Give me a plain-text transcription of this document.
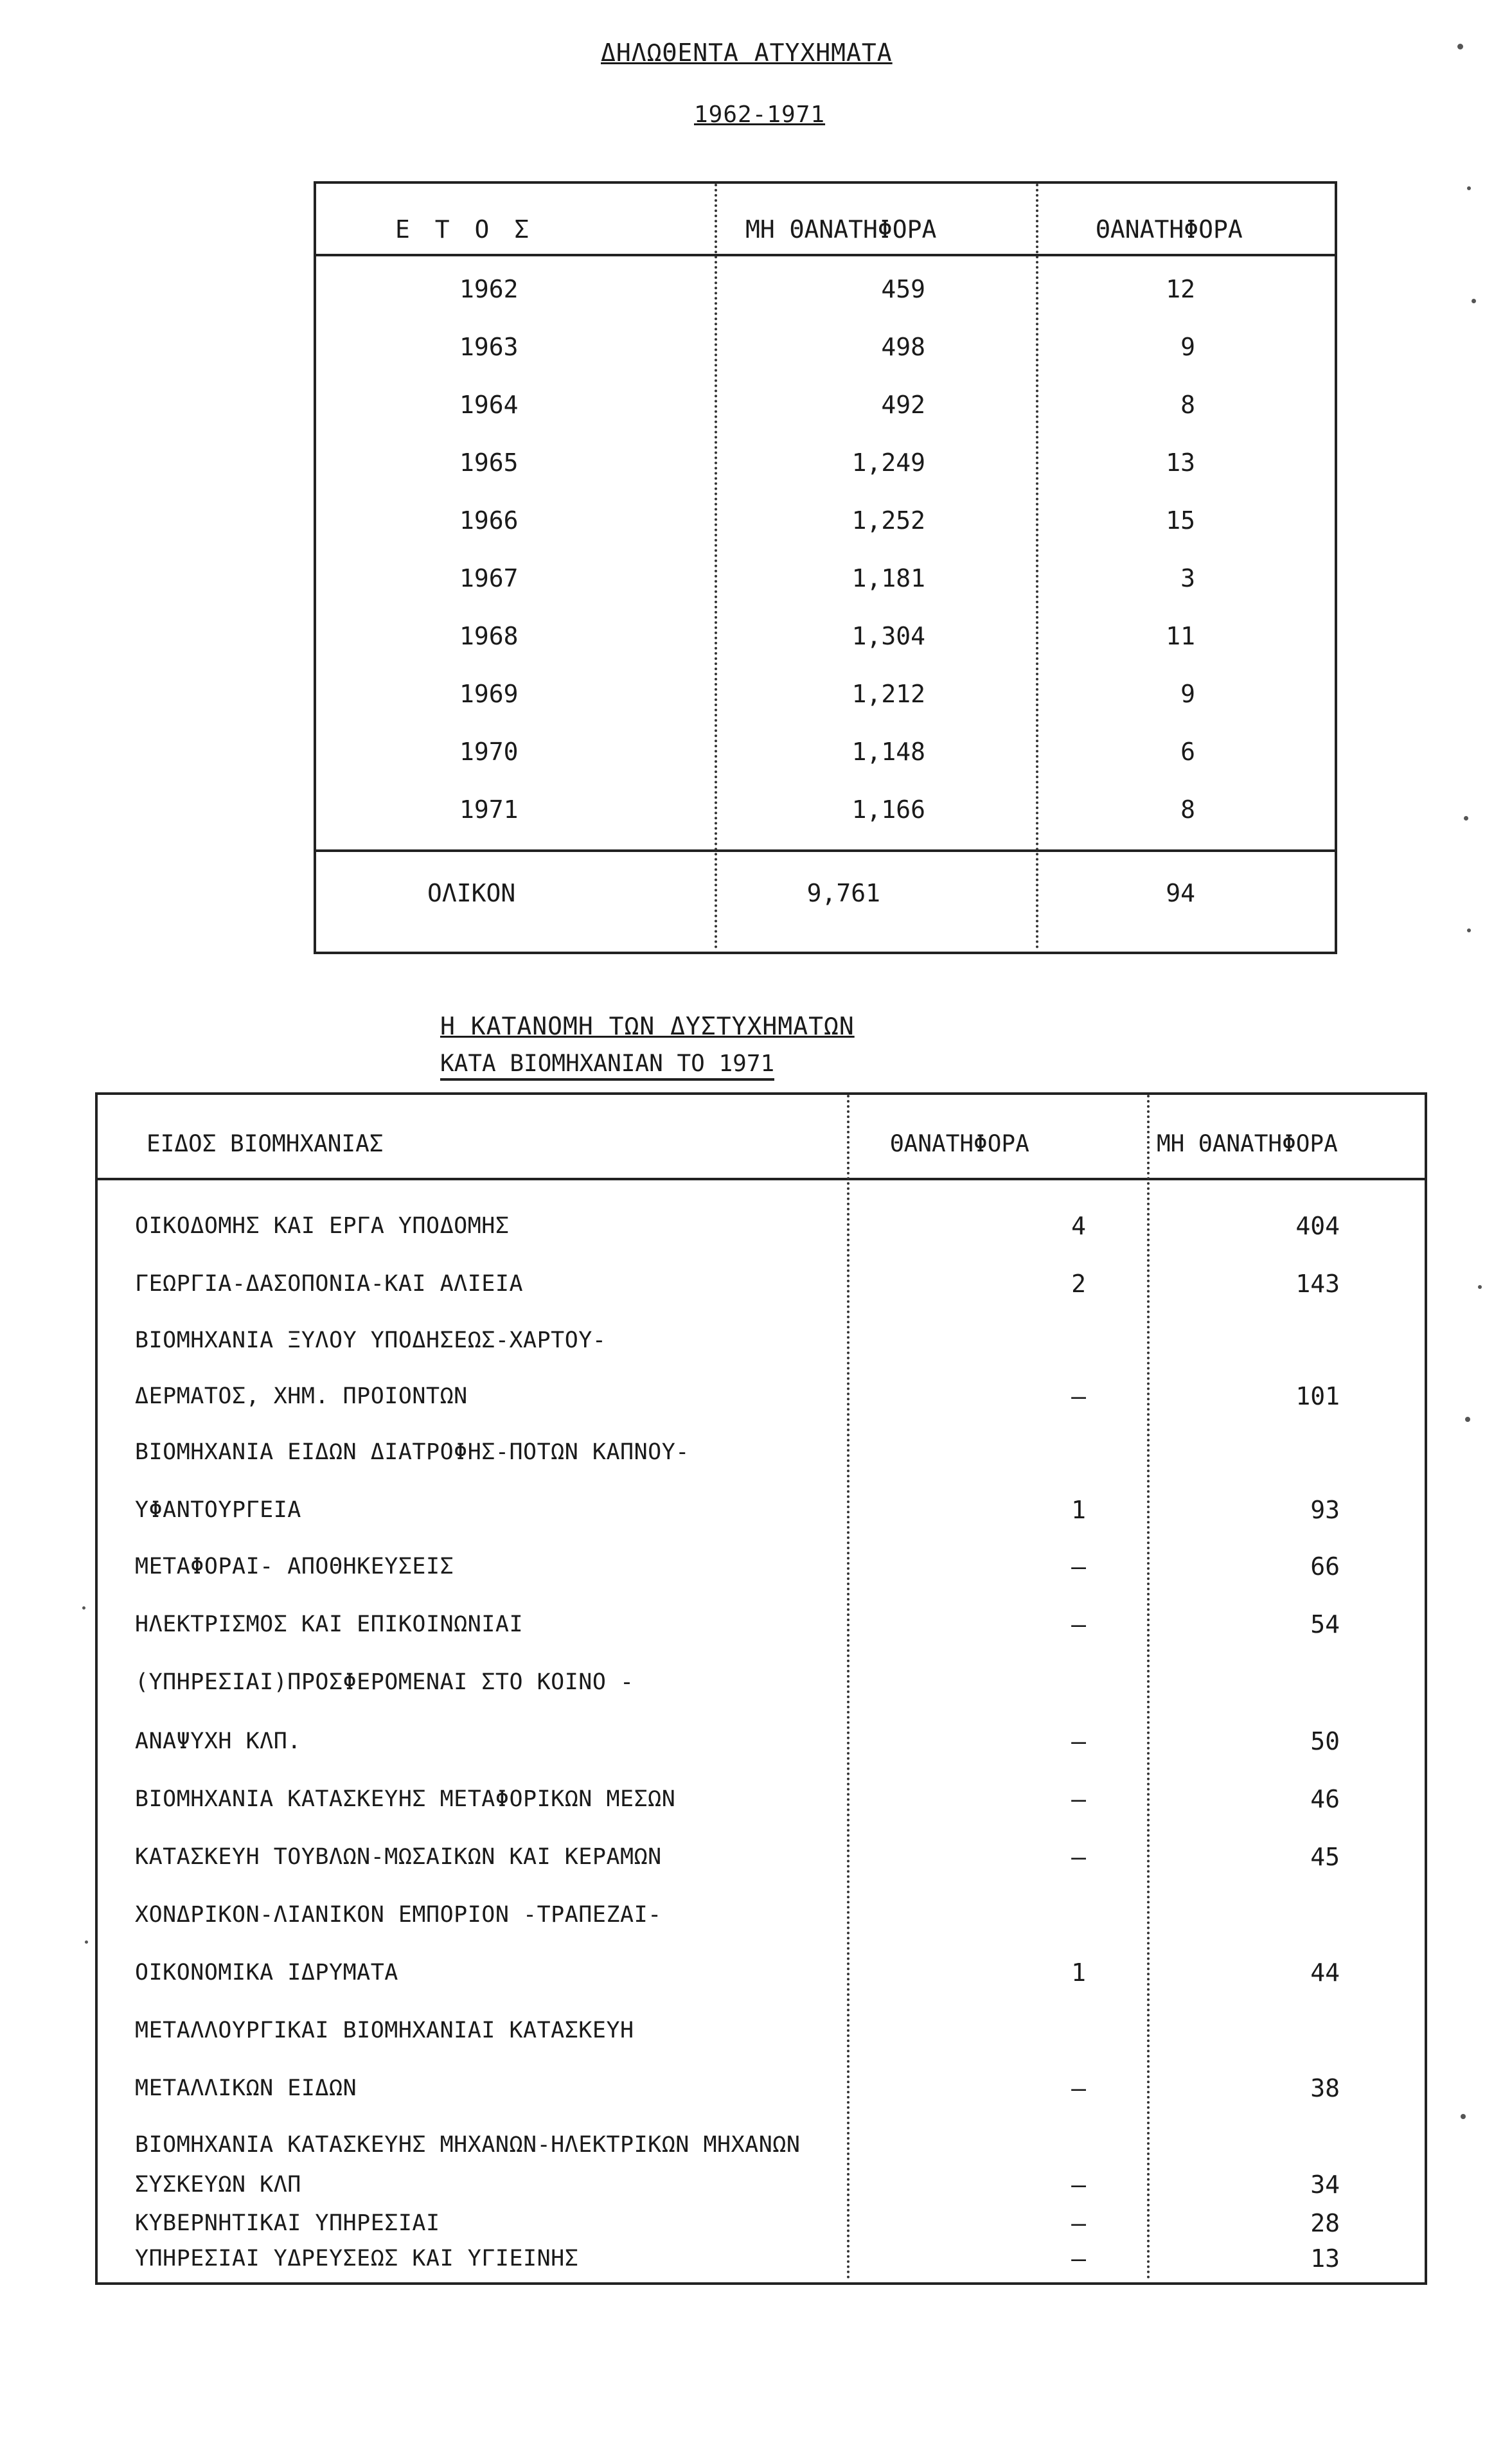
ΔΗΛΩΘΕΝΤΑ ΑΤΥΧΗΜΑΤΑ
1962-1971
Ε Τ Ο Σ	ΜΗ ΘΑΝΑΤΗΦΟΡΑ	ΘΑΝΑΤΗΦΟΡΑ
1962	459	12
1963	498	9
1964	492	8
1965	1,249	13
1966	1,252	15
1967	1,181	3
1968	1,304	11
1969	1,212	9
1970	1,148	6
1971	1,166	8
ΟΛΙΚΟΝ	9,761	94
Η ΚΑΤΑΝΟΜΗ ΤΩΝ ΔΥΣΤΥΧΗΜΑΤΩΝ
ΚΑΤΑ ΒΙΟΜΗΧΑΝΙΑΝ ΤΟ 1971
ΕΙΔΟΣ ΒΙΟΜΗΧΑΝΙΑΣ	ΘΑΝΑΤΗΦΟΡΑ	ΜΗ ΘΑΝΑΤΗΦΟΡΑ
ΟΙΚΟΔΟΜΗΣ ΚΑΙ ΕΡΓΑ ΥΠΟΔΟΜΗΣ	4	404
ΓΕΩΡΓΙΑ-ΔΑΣΟΠΟΝΙΑ-ΚΑΙ ΑΛΙΕΙΑ	2	143
ΒΙΟΜΗΧΑΝΙΑ ΞΥΛΟΥ ΥΠΟΔΗΣΕΩΣ-ΧΑΡΤΟΥ-
ΔΕΡΜΑΤΟΣ, ΧΗΜ. ΠΡΟΙΟΝΤΩΝ	–	101
ΒΙΟΜΗΧΑΝΙΑ ΕΙΔΩΝ ΔΙΑΤΡΟΦΗΣ-ΠΟΤΩΝ ΚΑΠΝΟΥ-
ΥΦΑΝΤΟΥΡΓΕΙΑ	1	93
ΜΕΤΑΦΟΡΑΙ- ΑΠΟΘΗΚΕΥΣΕΙΣ	–	66
ΗΛΕΚΤΡΙΣΜΟΣ ΚΑΙ ΕΠΙΚΟΙΝΩΝΙΑΙ	–	54
(ΥΠΗΡΕΣΙΑΙ)ΠΡΟΣΦΕΡΟΜΕΝΑΙ ΣΤΟ ΚΟΙΝΟ -
ΑΝΑΨΥΧΗ ΚΛΠ.	–	50
ΒΙΟΜΗΧΑΝΙΑ ΚΑΤΑΣΚΕΥΗΣ ΜΕΤΑΦΟΡΙΚΩΝ ΜΕΣΩΝ	–	46
ΚΑΤΑΣΚΕΥΗ ΤΟΥΒΛΩΝ-ΜΩΣΑΙΚΩΝ ΚΑΙ ΚΕΡΑΜΩΝ	–	45
ΧΟΝΔΡΙΚΟΝ-ΛΙΑΝΙΚΟΝ ΕΜΠΟΡΙΟΝ -ΤΡΑΠΕΖΑΙ-
ΟΙΚΟΝΟΜΙΚΑ ΙΔΡΥΜΑΤΑ	1	44
ΜΕΤΑΛΛΟΥΡΓΙΚΑΙ ΒΙΟΜΗΧΑΝΙΑΙ ΚΑΤΑΣΚΕΥΗ
ΜΕΤΑΛΛΙΚΩΝ ΕΙΔΩΝ	–	38
ΒΙΟΜΗΧΑΝΙΑ ΚΑΤΑΣΚΕΥΗΣ ΜΗΧΑΝΩΝ-ΗΛΕΚΤΡΙΚΩΝ ΜΗΧΑΝΩΝ
ΣΥΣΚΕΥΩΝ ΚΛΠ	–	34
ΚΥΒΕΡΝΗΤΙΚΑΙ ΥΠΗΡΕΣΙΑΙ	–	28
ΥΠΗΡΕΣΙΑΙ ΥΔΡΕΥΣΕΩΣ ΚΑΙ ΥΓΙΕΙΝΗΣ	–	13
